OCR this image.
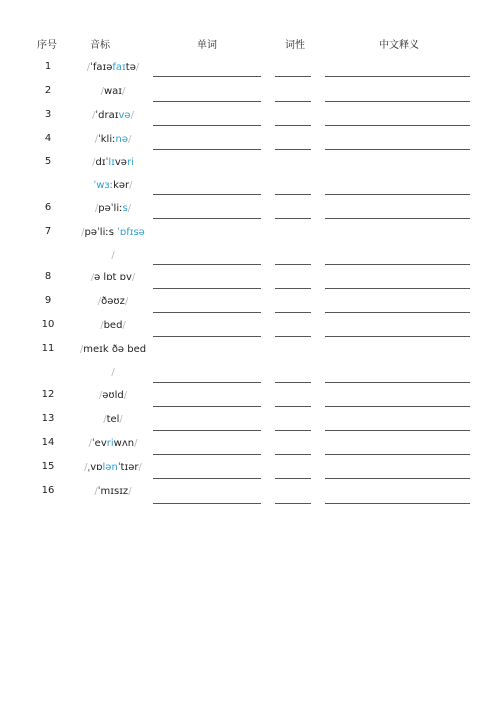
序号	音标	单词	词性	中文释义
1	/ˈfaɪəfaɪtə/
2	/waɪ/
3	/ˈdraɪvə/
4	/ˈkliːnə/
5	/dɪˈlɪvəri
ˈwɜːkər/
6	/pəˈliːs/
7	/pəˈliːs ˈɒfɪsə
/
8	/ə lɒt ɒv/
9	/ðəʊz/
10	/bed/
11	/meɪk ðə bed
/
12	/əʊld/
13	/tel/
14	/ˈevriwʌn/
15	/ˌvɒlənˈtɪər/
16	/ˈmɪsɪz/
